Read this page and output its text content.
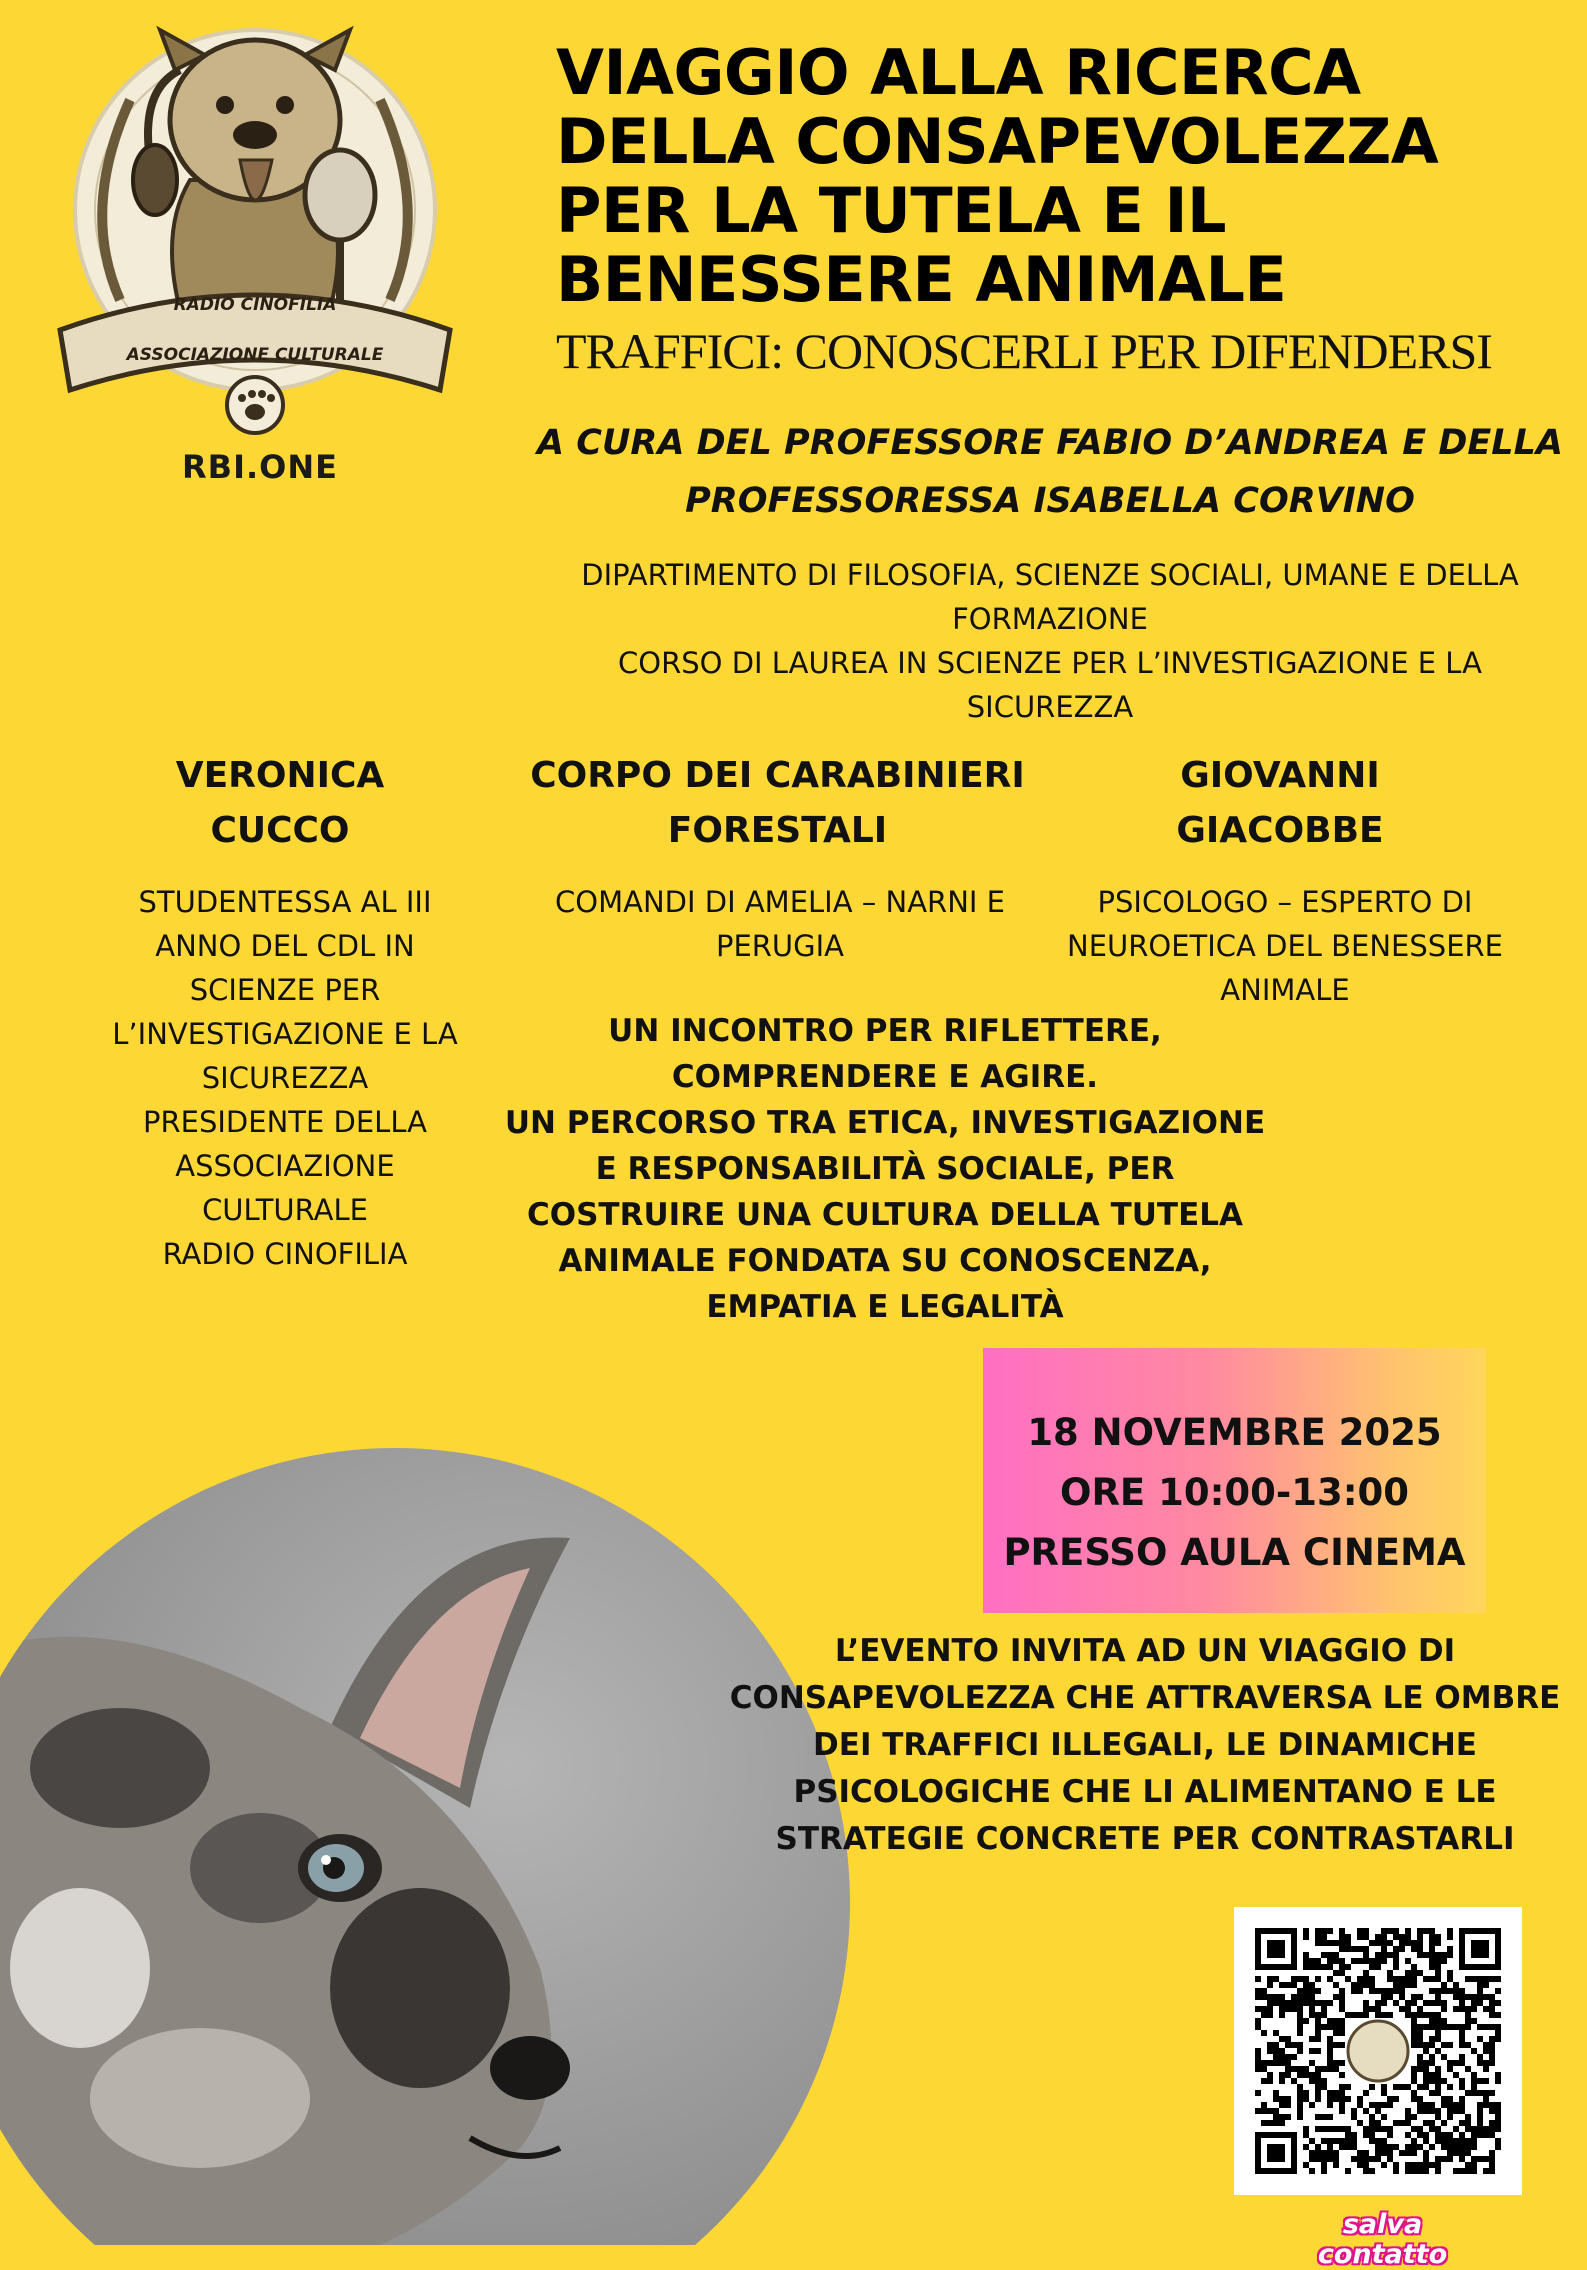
RADIO CINOFILIA
ASSOCIAZIONE CULTURALE
RBI.ONE
VIAGGIO ALLA RICERCA
DELLA CONSAPEVOLEZZA
PER LA TUTELA E IL
BENESSERE ANIMALE
TRAFFICI: CONOSCERLI PER DIFENDERSI
A CURA DEL PROFESSORE FABIO D’ANDREA E DELLA
PROFESSORESSA ISABELLA CORVINO
DIPARTIMENTO DI FILOSOFIA, SCIENZE SOCIALI, UMANE E DELLA
FORMAZIONE
CORSO DI LAUREA IN SCIENZE PER L’INVESTIGAZIONE E LA
SICUREZZA
VERONICA
CUCCO
STUDENTESSA AL III
ANNO DEL CDL IN
SCIENZE PER
L’INVESTIGAZIONE E LA
SICUREZZA
PRESIDENTE DELLA
ASSOCIAZIONE
CULTURALE
RADIO CINOFILIA
CORPO DEI CARABINIERI
FORESTALI
COMANDI DI AMELIA – NARNI E
PERUGIA
GIOVANNI
GIACOBBE
PSICOLOGO – ESPERTO DI
NEUROETICA DEL BENESSERE
ANIMALE
UN INCONTRO PER RIFLETTERE,
COMPRENDERE E AGIRE.
UN PERCORSO TRA ETICA, INVESTIGAZIONE
E RESPONSABILITÀ SOCIALE, PER
COSTRUIRE UNA CULTURA DELLA TUTELA
ANIMALE FONDATA SU CONOSCENZA,
EMPATIA E LEGALITÀ
18 NOVEMBRE 2025
ORE 10:00-13:00
PRESSO AULA CINEMA
L’EVENTO INVITA AD UN VIAGGIO DI
CONSAPEVOLEZZA CHE ATTRAVERSA LE OMBRE
DEI TRAFFICI ILLEGALI, LE DINAMICHE
PSICOLOGICHE CHE LI ALIMENTANO E LE
STRATEGIE CONCRETE PER CONTRASTARLI
salva contatto
